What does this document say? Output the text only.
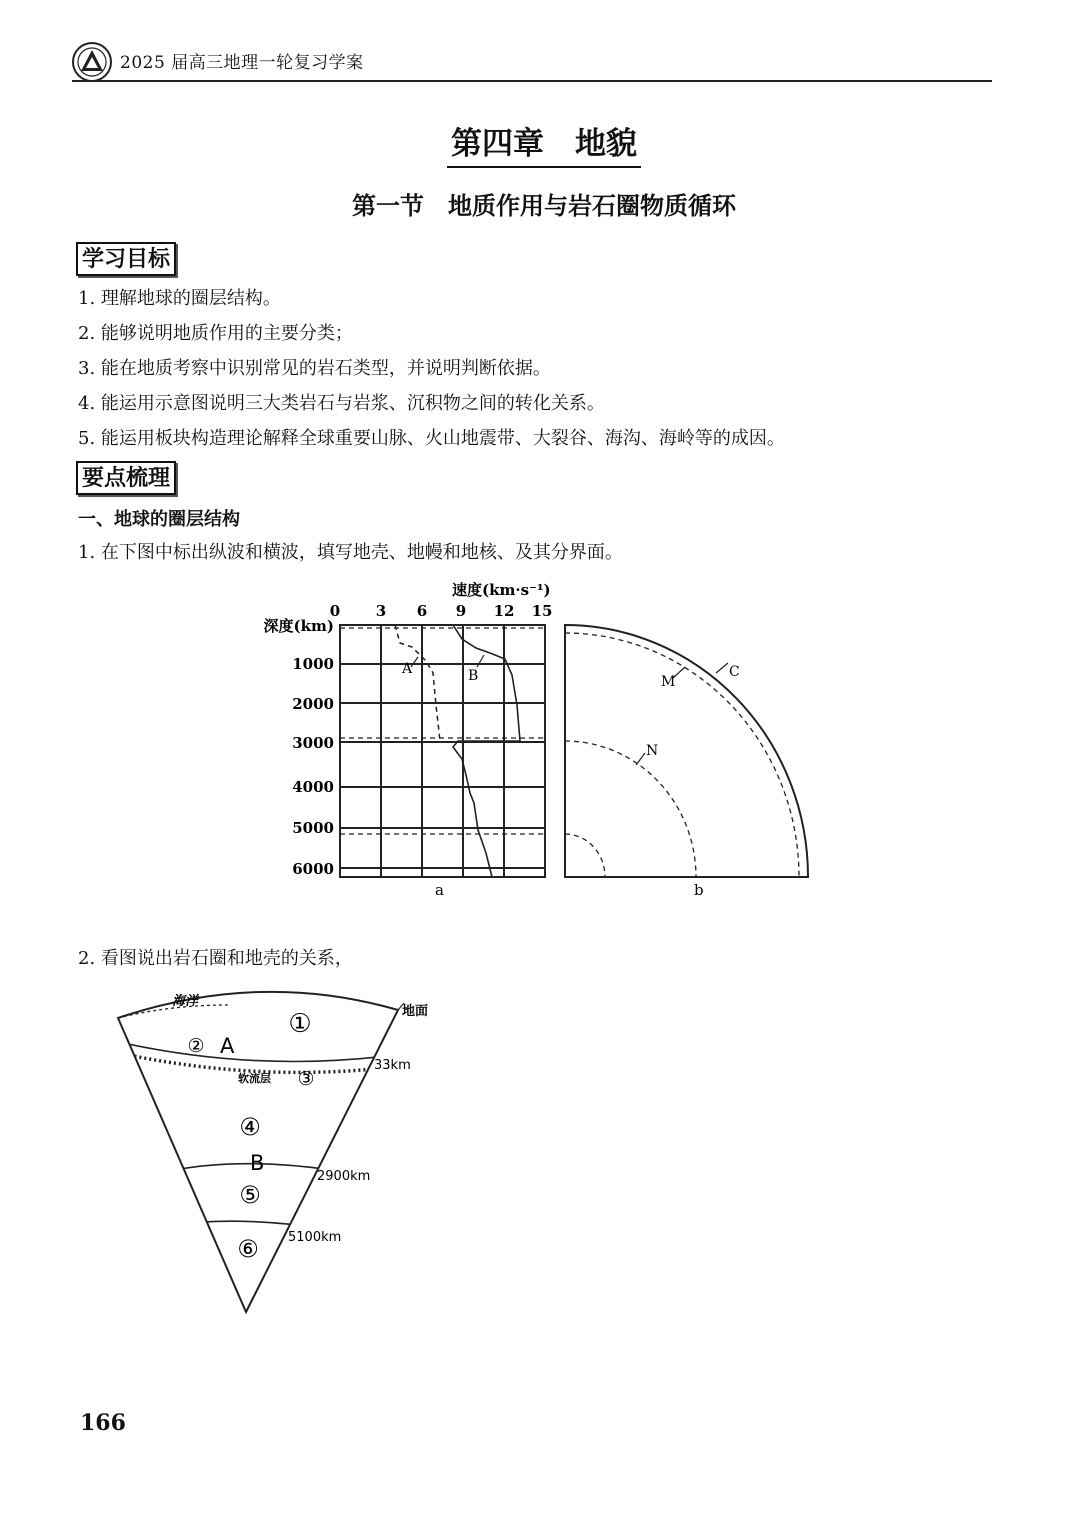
2025 届高三地理一轮复习学案
第四章　地貌
第一节　地质作用与岩石圈物质循环
学习目标
1. 理解地球的圈层结构。
2. 能够说明地质作用的主要分类；
3. 能在地质考察中识别常见的岩石类型，并说明判断依据。
4. 能运用示意图说明三大类岩石与岩浆、沉积物之间的转化关系。
5. 能运用板块构造理论解释全球重要山脉、火山地震带、大裂谷、海沟、海岭等的成因。
要点梳理
一、地球的圈层结构
1. 在下图中标出纵波和横波，填写地壳、地幔和地核、及其分界面。
速度(km·s⁻¹)
0 3 6 9 12 15
深度(km)
1000
2000
3000
4000
5000
6000
A	B
a	b
M
C
N
2. 看图说出岩石圈和地壳的关系，
海洋
地面
软流层
A
B
①
②
③
④
⑤
⑥
33km
2900km
5100km
166
